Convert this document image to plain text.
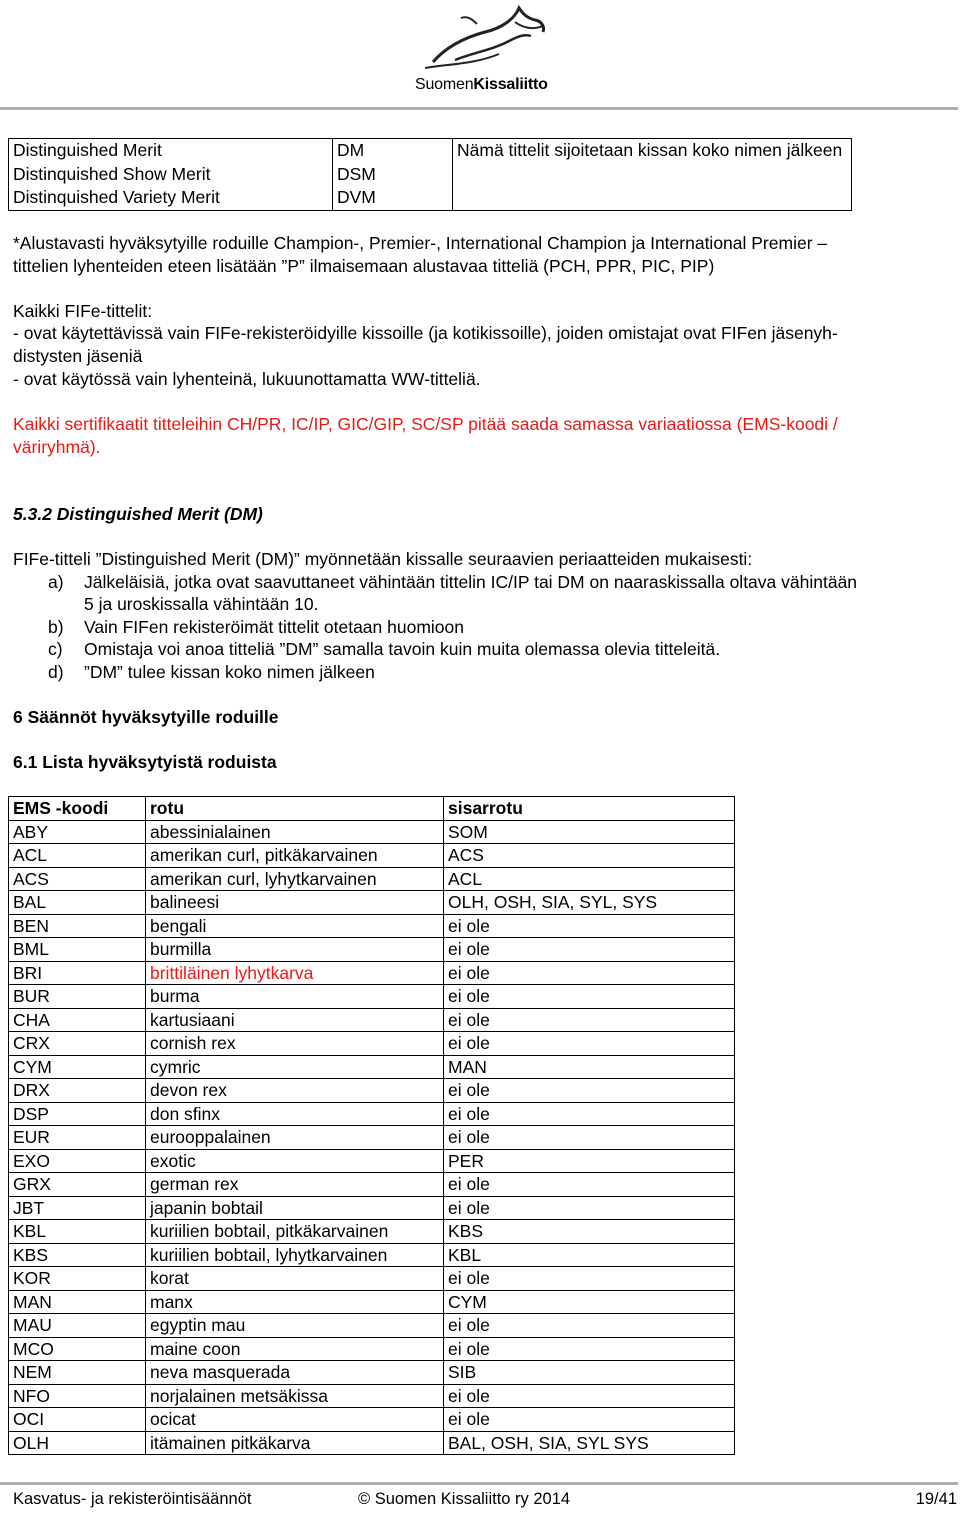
SuomenKissaliitto
Distinguished Merit	DM	Nämä tittelit sijoitetaan kissan koko nimen jälkeen
Distinquished Show Merit	DSM	
Distinquished Variety Merit	DVM	

*Alustavasti hyväksytyille roduille Champion-, Premier-, International Champion ja International Premier –

tittelien lyhenteiden eteen lisätään ”P” ilmaisemaan alustavaa titteliä (PCH, PPR, PIC, PIP)

Kaikki FIFe-tittelit:

- ovat käytettävissä vain FIFe-rekisteröidyille kissoille (ja kotikissoille), joiden omistajat ovat FIFen jäsenyh-

distysten jäseniä

- ovat käytössä vain lyhenteinä, lukuunottamatta WW-titteliä.

Kaikki sertifikaatit titteleihin CH/PR, IC/IP, GIC/GIP, SC/SP pitää saada samassa variaatiossa (EMS-koodi /

väriryhmä).

5.3.2 Distinguished Merit (DM)

FIFe-titteli ”Distinguished Merit (DM)” myönnetään kissalle seuraavien periaatteiden mukaisesti:

a) Jälkeläisiä, jotka ovat saavuttaneet vähintään tittelin IC/IP tai DM on naaraskissalla oltava vähintään
5 ja uroskissalla vähintään 10.
b) Vain FIFen rekisteröimät tittelit otetaan huomioon
c) Omistaja voi anoa titteliä ”DM” samalla tavoin kuin muita olemassa olevia titteleitä.
d) ”DM” tulee kissan koko nimen jälkeen

6 Säännöt hyväksytyille roduille

6.1 Lista hyväksytyistä roduista

EMS -koodi	rotu	sisarrotu
ABY	abessinialainen	SOM
ACL	amerikan curl, pitkäkarvainen	ACS
ACS	amerikan curl, lyhytkarvainen	ACL
BAL	balineesi	OLH, OSH, SIA, SYL, SYS
BEN	bengali	ei ole
BML	burmilla	ei ole
BRI	brittiläinen lyhytkarva	ei ole
BUR	burma	ei ole
CHA	kartusiaani	ei ole
CRX	cornish rex	ei ole
CYM	cymric	MAN
DRX	devon rex	ei ole
DSP	don sfinx	ei ole
EUR	eurooppalainen	ei ole
EXO	exotic	PER
GRX	german rex	ei ole
JBT	japanin bobtail	ei ole
KBL	kuriilien bobtail, pitkäkarvainen	KBS
KBS	kuriilien bobtail, lyhytkarvainen	KBL
KOR	korat	ei ole
MAN	manx	CYM
MAU	egyptin mau	ei ole
MCO	maine coon	ei ole
NEM	neva masquerada	SIB
NFO	norjalainen metsäkissa	ei ole
OCI	ocicat	ei ole
OLH	itämainen pitkäkarva	BAL, OSH, SIA, SYL SYS
Kasvatus- ja rekisteröintisäännöt	© Suomen Kissaliitto ry 2014	19/41
